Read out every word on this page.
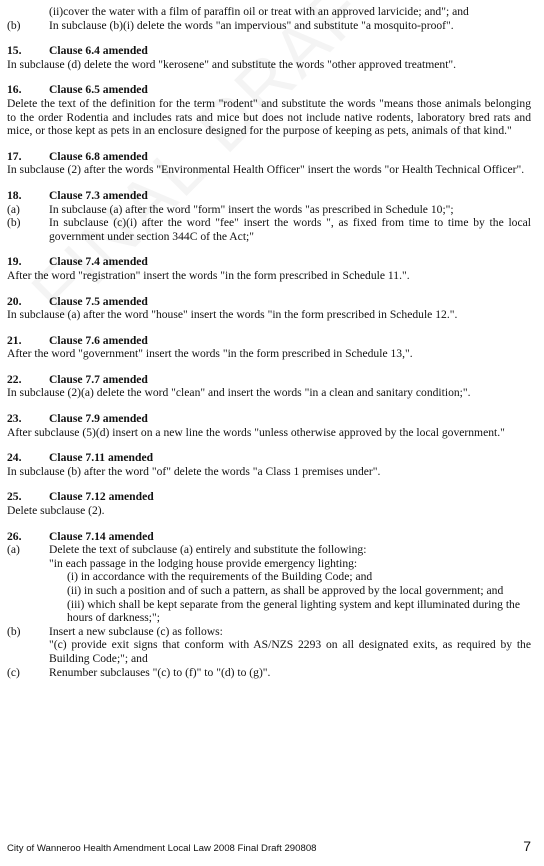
(ii)cover the water with a film of paraffin oil or treat with an approved larvicide; and"; and
(b) In subclause (b)(i) delete the words "an impervious" and substitute "a mosquito-proof".
15. Clause 6.4 amended
In subclause (d) delete the word "kerosene" and substitute the words "other approved treatment".
16. Clause 6.5 amended
Delete the text of the definition for the term "rodent" and substitute the words "means those animals belonging to the order Rodentia and includes rats and mice but does not include native rodents, laboratory bred rats and mice, or those kept as pets in an enclosure designed for the purpose of keeping as pets, animals of that kind."
17. Clause 6.8 amended
In subclause (2) after the words "Environmental Health Officer" insert the words "or Health Technical Officer".
18. Clause 7.3 amended
(a)	In subclause (a) after the word "form" insert the words "as prescribed in Schedule 10;";
(b) In subclause (c)(i) after the word "fee" insert the words ", as fixed from time to time by the local government under section 344C of the Act;"
19. Clause 7.4 amended
After the word "registration" insert the words "in the form prescribed in Schedule 11.".
20. Clause 7.5 amended
In subclause (a) after the word "house" insert the words "in the form prescribed in Schedule 12.".
21. Clause 7.6 amended
After the word "government" insert the words "in the form prescribed in Schedule 13,".
22. Clause 7.7 amended
In subclause (2)(a) delete the word "clean" and insert the words "in a clean and sanitary condition;".
23. Clause 7.9 amended
After subclause (5)(d) insert on a new line the words "unless otherwise approved by the local government."
24. Clause 7.11 amended
In subclause (b) after the word "of" delete the words "a Class 1 premises under".
25. Clause 7.12 amended
Delete subclause (2).
26. Clause 7.14 amended
(a)	Delete the text of subclause (a) entirely and substitute the following:
"in each passage in the lodging house provide emergency lighting:
(i) in accordance with the requirements of the Building Code; and
(ii) in such a position and of such a pattern, as shall be approved by the local government; and
(iii) which shall be kept separate from the general lighting system and kept illuminated during the hours of darkness;";
(b) Insert a new subclause (c) as follows:
"(c) provide exit signs that conform with AS/NZS 2293 on all designated exits, as required by the Building Code;"; and
(c)	Renumber subclauses "(c) to (f)" to "(d) to (g)".
City of Wanneroo Health Amendment Local Law 2008 Final Draft 290808	7
